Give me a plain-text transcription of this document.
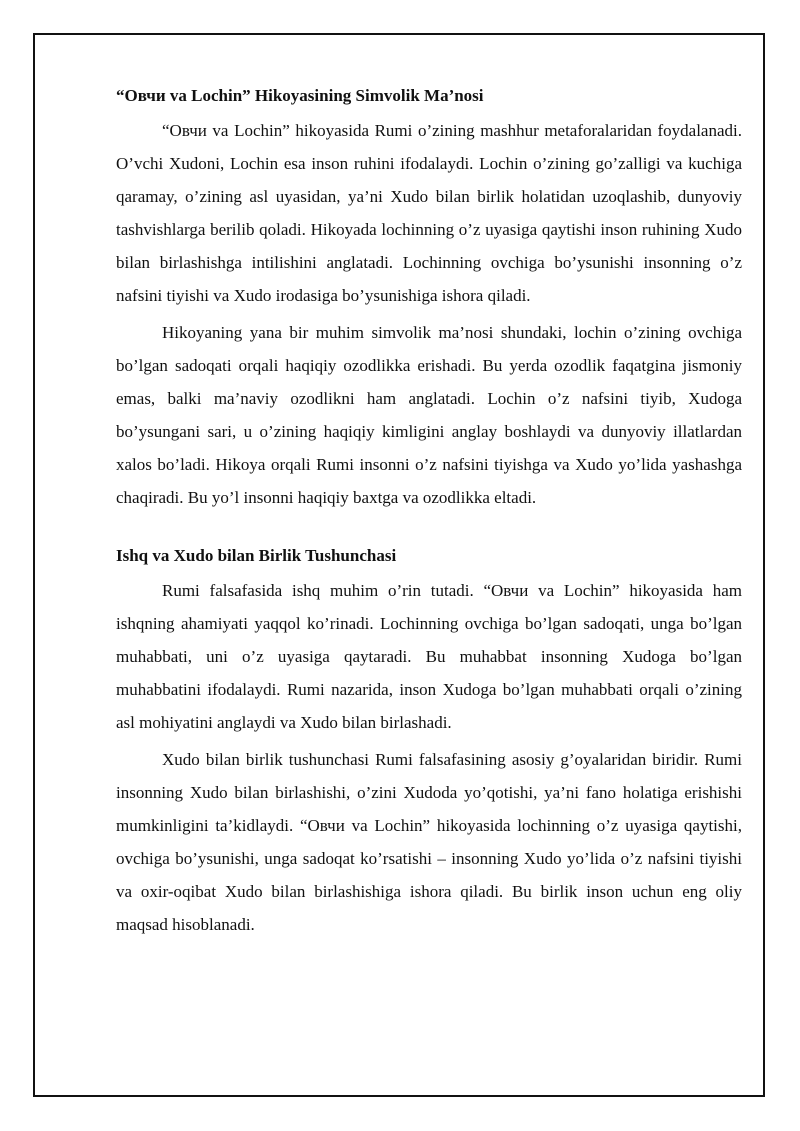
“Овчи va Lochin” Hikoyasining Simvolik Ma’nosi

“Овчи va Lochin” hikoyasida Rumi o’zining mashhur metaforalaridan foydalanadi. O’vchi Xudoni, Lochin esa inson ruhini ifodalaydi. Lochin o’zining go’zalligi va kuchiga qaramay, o’zining asl uyasidan, ya’ni Xudo bilan birlik holatidan uzoqlashib, dunyoviy tashvishlarga berilib qoladi. Hikoyada lochinning o’z uyasiga qaytishi inson ruhining Xudo bilan birlashishga intilishini anglatadi. Lochinning ovchiga bo’ysunishi insonning o’z nafsini tiyishi va Xudo irodasiga bo’ysunishiga ishora qiladi.

Hikoyaning yana bir muhim simvolik ma’nosi shundaki, lochin o’zining ovchiga bo’lgan sadoqati orqali haqiqiy ozodlikka erishadi. Bu yerda ozodlik faqatgina jismoniy emas, balki ma’naviy ozodlikni ham anglatadi. Lochin o’z nafsini tiyib, Xudoga bo’ysungani sari, u o’zining haqiqiy kimligini anglay boshlaydi va dunyoviy illatlardan xalos bo’ladi. Hikoya orqali Rumi insonni o’z nafsini tiyishga va Xudo yo’lida yashashga chaqiradi. Bu yo’l insonni haqiqiy baxtga va ozodlikka eltadi.

Ishq va Xudo bilan Birlik Tushunchasi

Rumi falsafasida ishq muhim o’rin tutadi. “Овчи va Lochin” hikoyasida ham ishqning ahamiyati yaqqol ko’rinadi. Lochinning ovchiga bo’lgan sadoqati, unga bo’lgan muhabbati, uni o’z uyasiga qaytaradi. Bu muhabbat insonning Xudoga bo’lgan muhabbatini ifodalaydi. Rumi nazarida, inson Xudoga bo’lgan muhabbati orqali o’zining asl mohiyatini anglaydi va Xudo bilan birlashadi.

Xudo bilan birlik tushunchasi Rumi falsafasining asosiy g’oyalaridan biridir. Rumi insonning Xudo bilan birlashishi, o’zini Xudoda yo’qotishi, ya’ni fano holatiga erishishi mumkinligini ta’kidlaydi. “Овчи va Lochin” hikoyasida lochinning o’z uyasiga qaytishi, ovchiga bo’ysunishi, unga sadoqat ko’rsatishi – insonning Xudo yo’lida o’z nafsini tiyishi va oxir-oqibat Xudo bilan birlashishiga ishora qiladi. Bu birlik inson uchun eng oliy maqsad hisoblanadi.
